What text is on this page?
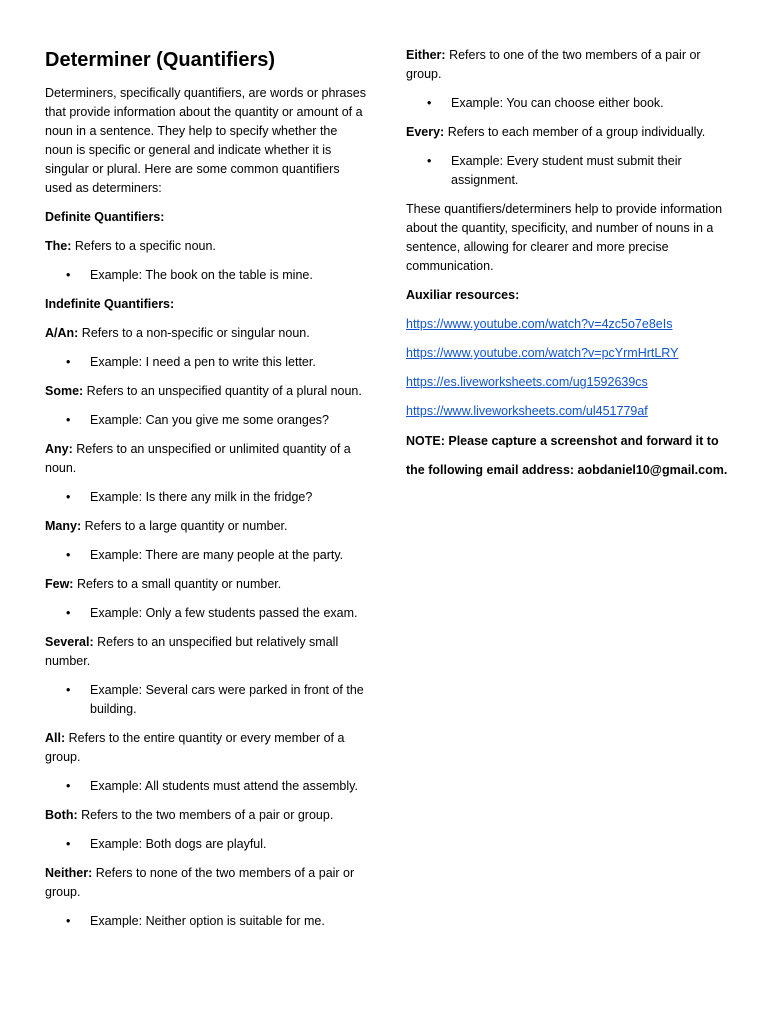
Determiner (Quantifiers)

Determiners, specifically quantifiers, are words or phrases that provide information about the quantity or amount of a noun in a sentence. They help to specify whether the noun is specific or general and indicate whether it is singular or plural. Here are some common quantifiers used as determiners:

Definite Quantifiers:

The: Refers to a specific noun.

• Example: The book on the table is mine.

Indefinite Quantifiers:

A/An: Refers to a non-specific or singular noun.

• Example: I need a pen to write this letter.

Some: Refers to an unspecified quantity of a plural noun.

• Example: Can you give me some oranges?

Any: Refers to an unspecified or unlimited quantity of a noun.

• Example: Is there any milk in the fridge?

Many: Refers to a large quantity or number.

• Example: There are many people at the party.

Few: Refers to a small quantity or number.

• Example: Only a few students passed the exam.

Several: Refers to an unspecified but relatively small number.

• Example: Several cars were parked in front of the building.

All: Refers to the entire quantity or every member of a group.

• Example: All students must attend the assembly.

Both: Refers to the two members of a pair or group.

• Example: Both dogs are playful.

Neither: Refers to none of the two members of a pair or group.

• Example: Neither option is suitable for me.

Either: Refers to one of the two members of a pair or group.

• Example: You can choose either book.

Every: Refers to each member of a group individually.

• Example: Every student must submit their assignment.

These quantifiers/determiners help to provide information about the quantity, specificity, and number of nouns in a sentence, allowing for clearer and more precise communication.

Auxiliar resources:

https://www.youtube.com/watch?v=4zc5o7e8eIs

https://www.youtube.com/watch?v=pcYrmHrtLRY

https://es.liveworksheets.com/ug1592639cs

https://www.liveworksheets.com/ul451779af

NOTE: Please capture a screenshot and forward it to
the following email address: aobdaniel10@gmail.com.
